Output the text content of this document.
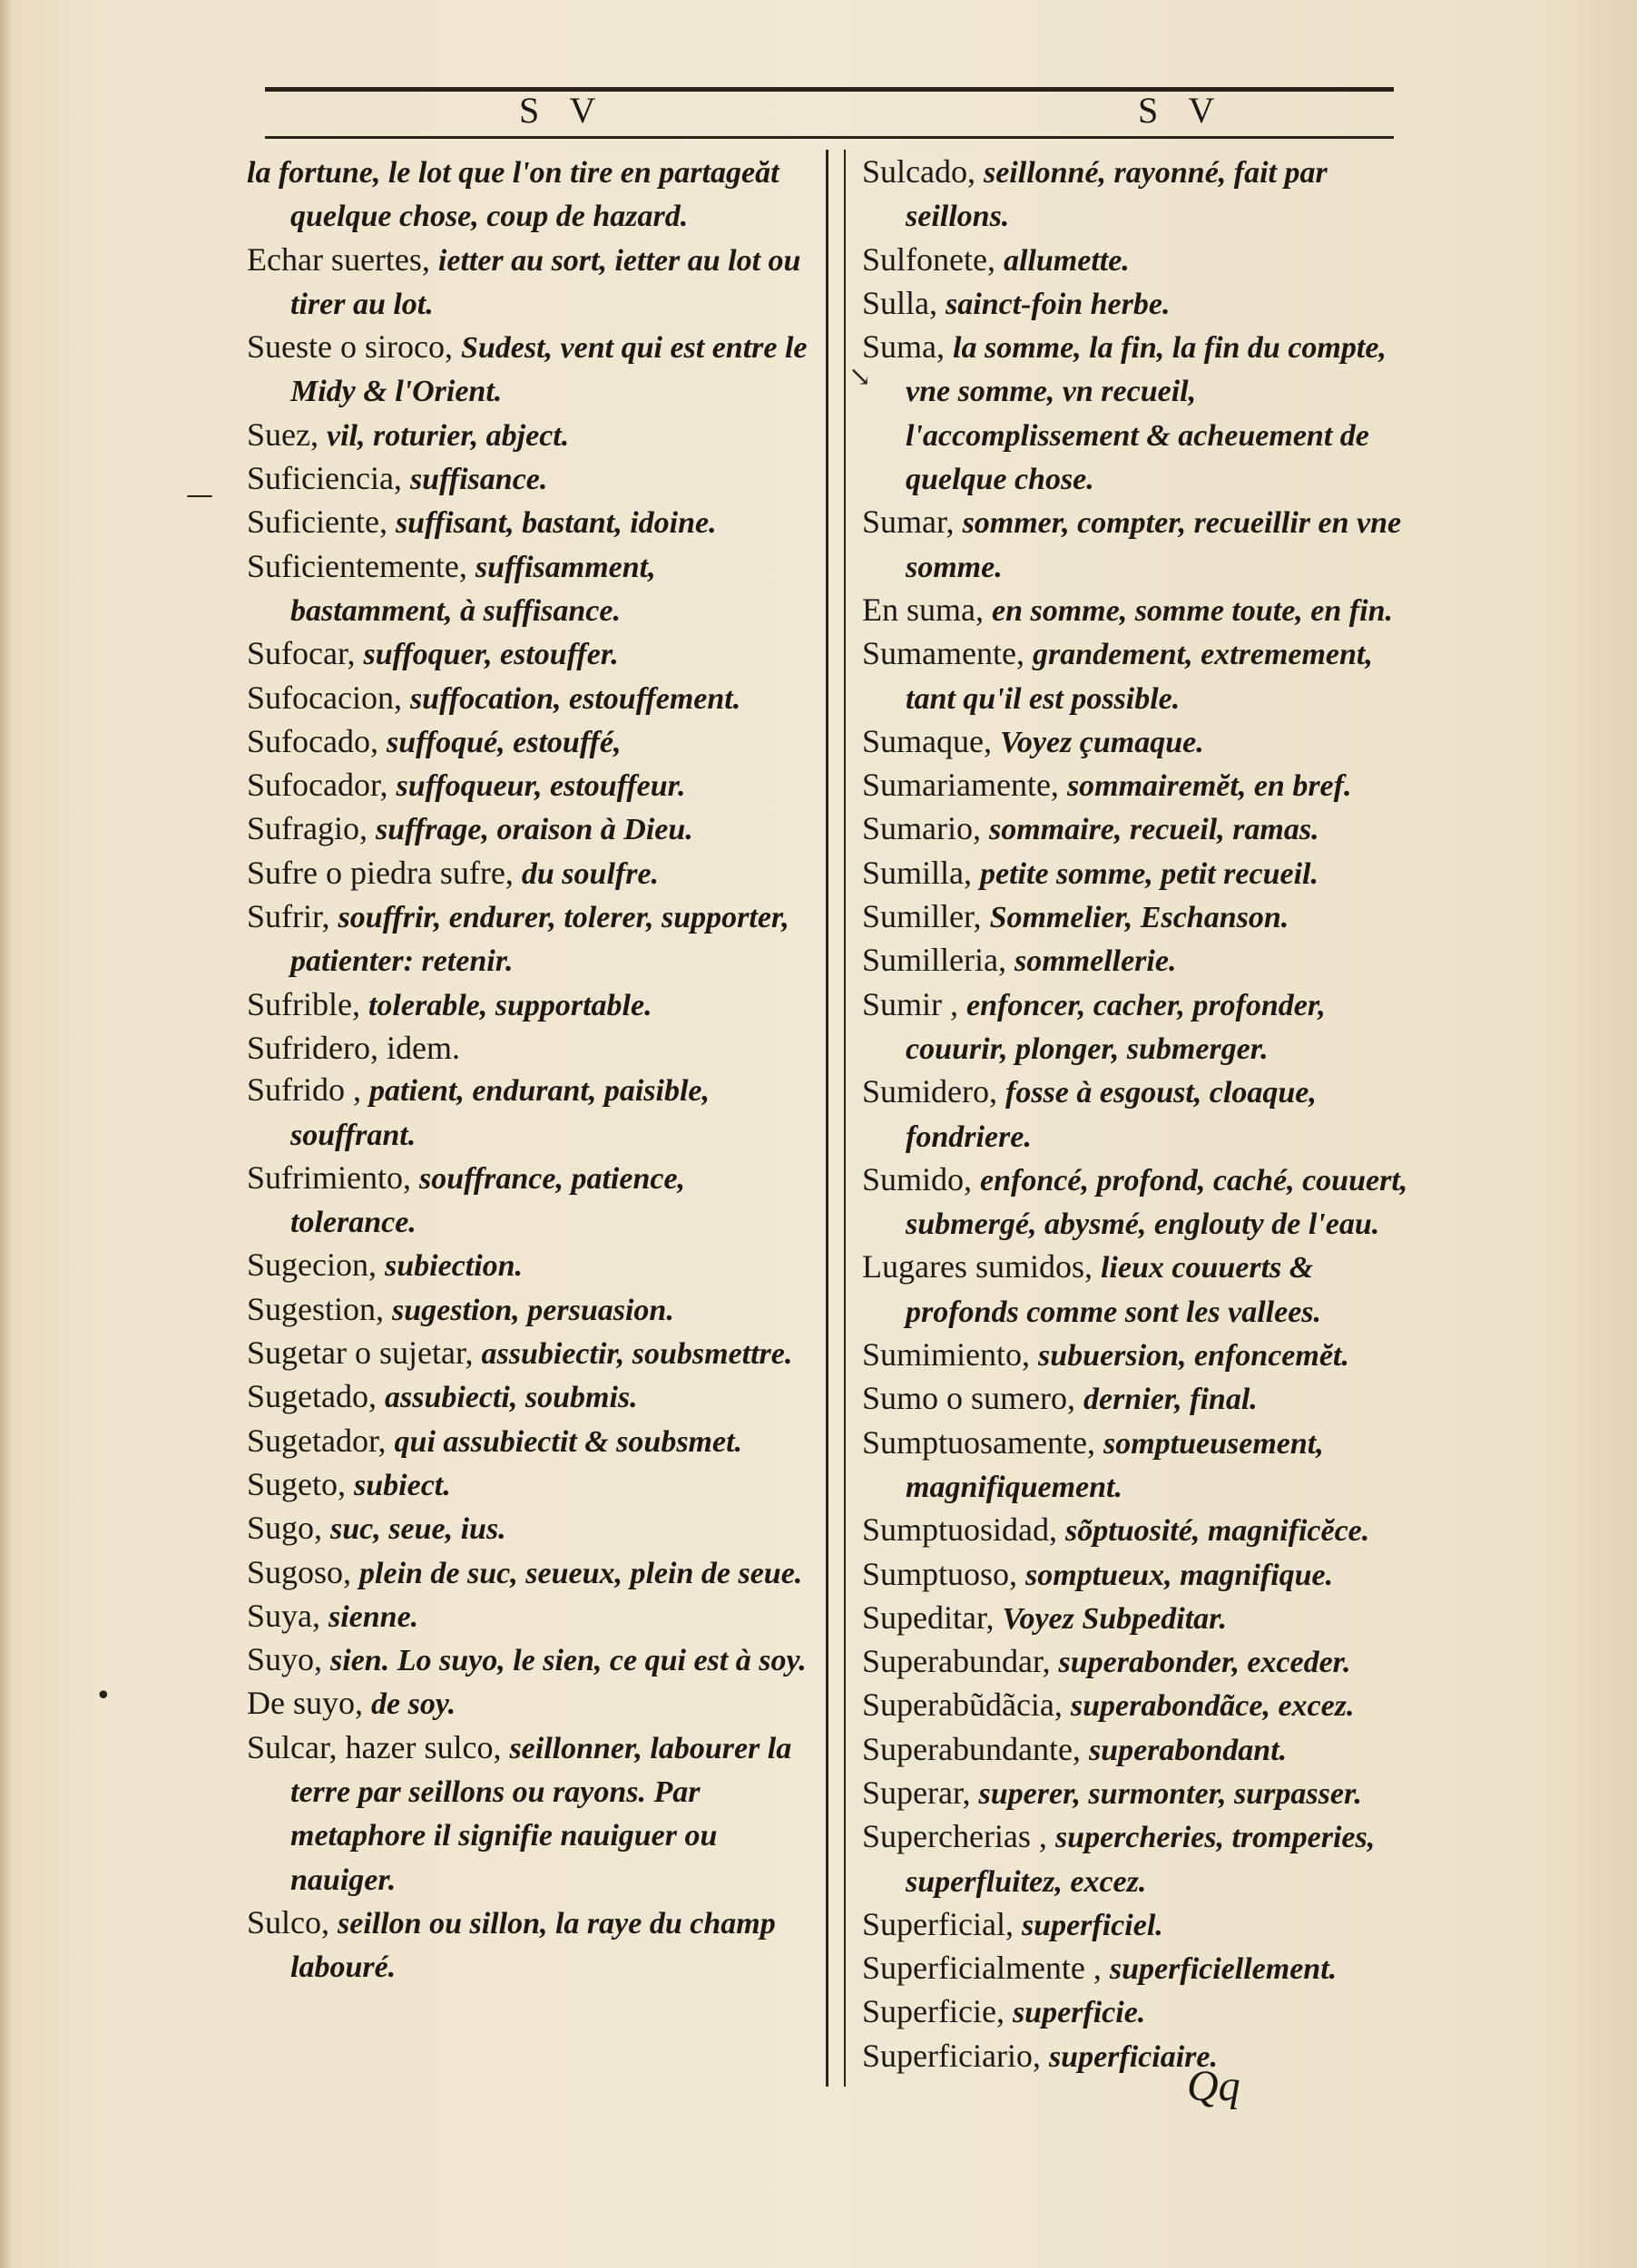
S V	S V
la fortune, le lot que l'on tire en partageăt quelque chose, coup de hazard.
Echar suertes, ietter au sort, ietter au lot ou tirer au lot.
Sueste o siroco, Sudest, vent qui est entre le Midy & l'Orient.
Suez, vil, roturier, abject.
Suficiencia, suffisance.
Suficiente, suffisant, bastant, idoine.
Suficientemente, suffisamment, bastamment, à suffisance.
Sufocar, suffoquer, estouffer.
Sufocacion, suffocation, estouffement.
Sufocado, suffoqué, estouffé,
Sufocador, suffoqueur, estouffeur.
Sufragio, suffrage, oraison à Dieu.
Sufre o piedra sufre, du soulfre.
Sufrir, souffrir, endurer, tolerer, supporter, patienter: retenir.
Sufrible, tolerable, supportable.
Sufridero, idem.
Sufrido , patient, endurant, paisible, souffrant.
Sufrimiento, souffrance, patience, tolerance.
Sugecion, subiection.
Sugestion, sugestion, persuasion.
Sugetar o sujetar, assubiectir, soubsmettre.
Sugetado, assubiecti, soubmis.
Sugetador, qui assubiectit & soubsmet.
Sugeto, subiect.
Sugo, suc, seue, ius.
Sugoso, plein de suc, seueux, plein de seue.
Suya, sienne.
Suyo, sien. Lo suyo, le sien, ce qui est à soy.
De suyo, de soy.
Sulcar, hazer sulco, seillonner, labourer la terre par seillons ou rayons. Par metaphore il signifie nauiguer ou nauiger.
Sulco, seillon ou sillon, la raye du champ labouré.
Sulcado, seillonné, rayonné, fait par seillons.
Sulfonete, allumette.
Sulla, sainct-foin herbe.
Suma, la somme, la fin, la fin du compte, vne somme, vn recueil, l'accomplissement & acheuement de quelque chose.
Sumar, sommer, compter, recueillir en vne somme.
En suma, en somme, somme toute, en fin.
Sumamente, grandement, extremement, tant qu'il est possible.
Sumaque, Voyez çumaque.
Sumariamente, sommairemĕt, en bref.
Sumario, sommaire, recueil, ramas.
Sumilla, petite somme, petit recueil.
Sumiller, Sommelier, Eschanson.
Sumilleria, sommellerie.
Sumir , enfoncer, cacher, profonder, couurir, plonger, submerger.
Sumidero, fosse à esgoust, cloaque, fondriere.
Sumido, enfoncé, profond, caché, couuert, submergé, abysmé, englouty de l'eau.
Lugares sumidos, lieux couuerts & profonds comme sont les vallees.
Sumimiento, subuersion, enfoncemĕt.
Sumo o sumero, dernier, final.
Sumptuosamente, somptueusement, magnifiquement.
Sumptuosidad, sõptuosité, magnificĕce.
Sumptuoso, somptueux, magnifique.
Supeditar, Voyez Subpeditar.
Superabundar, superabonder, exceder.
Superabũdãcia, superabondãce, excez.
Superabundante, superabondant.
Superar, superer, surmonter, surpasser.
Supercherias , supercheries, tromperies, superfluitez, excez.
Superficial, superficiel.
Superficialmente , superficiellement.
Superficie, superficie.
Superficiario, superficiaire.
—
•
↘
Qq
